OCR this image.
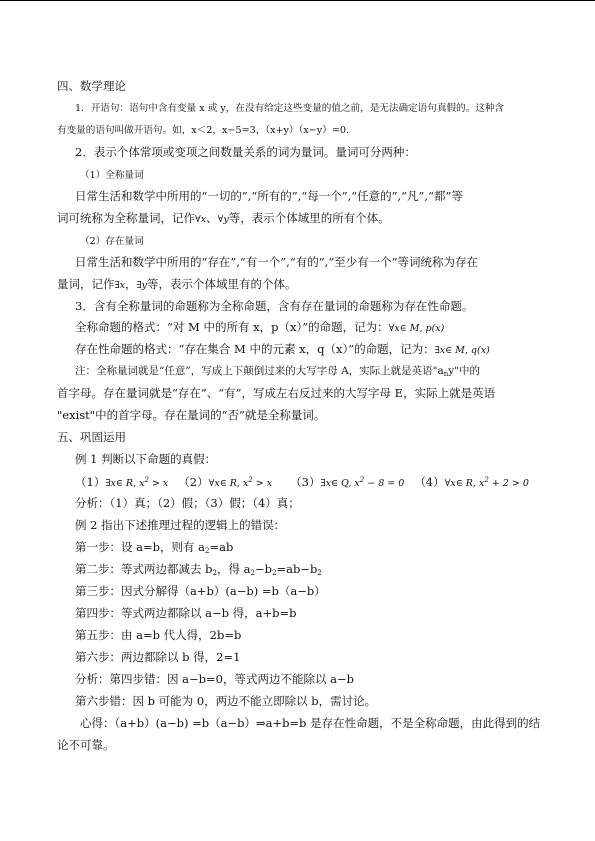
四、数学理论
1．开语句：语句中含有变量 x 或 y，在没有给定这些变量的值之前，是无法确定语句真假的。这种含
有变量的语句叫做开语句。如，x＜2，x−5=3，（x+y）（x−y）=0.
2．表示个体常项或变项之间数量关系的词为量词。量词可分两种：
（1）全称量词
日常生活和数学中所用的“一切的”,“所有的”,“每一个”,“任意的”,“凡”,“都”等
词可统称为全称量词，记作∀x、∀y等，表示个体域里的所有个体。
（2）存在量词
日常生活和数学中所用的“存在”,“有一个”,“有的”,“至少有一个”等词统称为存在
量词，记作∃x，∃y等，表示个体域里有的个体。
3．含有全称量词的命题称为全称命题，含有存在量词的命题称为存在性命题。
全称命题的格式：“对 M 中的所有 x，p（x）”的命题，记为：∀x∈ M, p(x)
存在性命题的格式：“存在集合 M 中的元素 x，q（x）”的命题，记为：∃x∈ M, q(x)
注：全称量词就是“任意”，写成上下颠倒过来的大写字母 A，实际上就是英语"$a_ny$"中的
首字母。存在量词就是“存在”、“有”，写成左右反过来的大写字母 E，实际上就是英语
"exist"中的首字母。存在量词的“否”就是全称量词。
五、巩固运用
例 1 判断以下命题的真假：
（1）∃x∈ R, $x^2 > x$ （2）∀x∈ R, $x^2 > x$ （3）∃x∈ Q, $x^2 - 8 = 0$ （4）∀x∈ R, $x^2 + 2 > 0$
分析：（1）真；（2）假；（3）假；（4）真；
例 2 指出下述推理过程的逻辑上的错误：
第一步：设 a=b，则有 $a_2=ab$
第二步：等式两边都减去 $b_2$，得 $a_2-b_2=ab-b_2$
第三步：因式分解得（a+b）(a−b) =b（a−b）
第四步：等式两边都除以 a−b 得，a+b=b
第五步：由 a=b 代人得，2b=b
第六步：两边都除以 b 得，2=1
分析：第四步错：因 a−b=0，等式两边不能除以 a−b
第六步错：因 b 可能为 0，两边不能立即除以 b，需讨论。
心得：（a+b）(a−b) =b（a−b）⇒a+b=b 是存在性命题，不是全称命题，由此得到的结
论不可靠。
